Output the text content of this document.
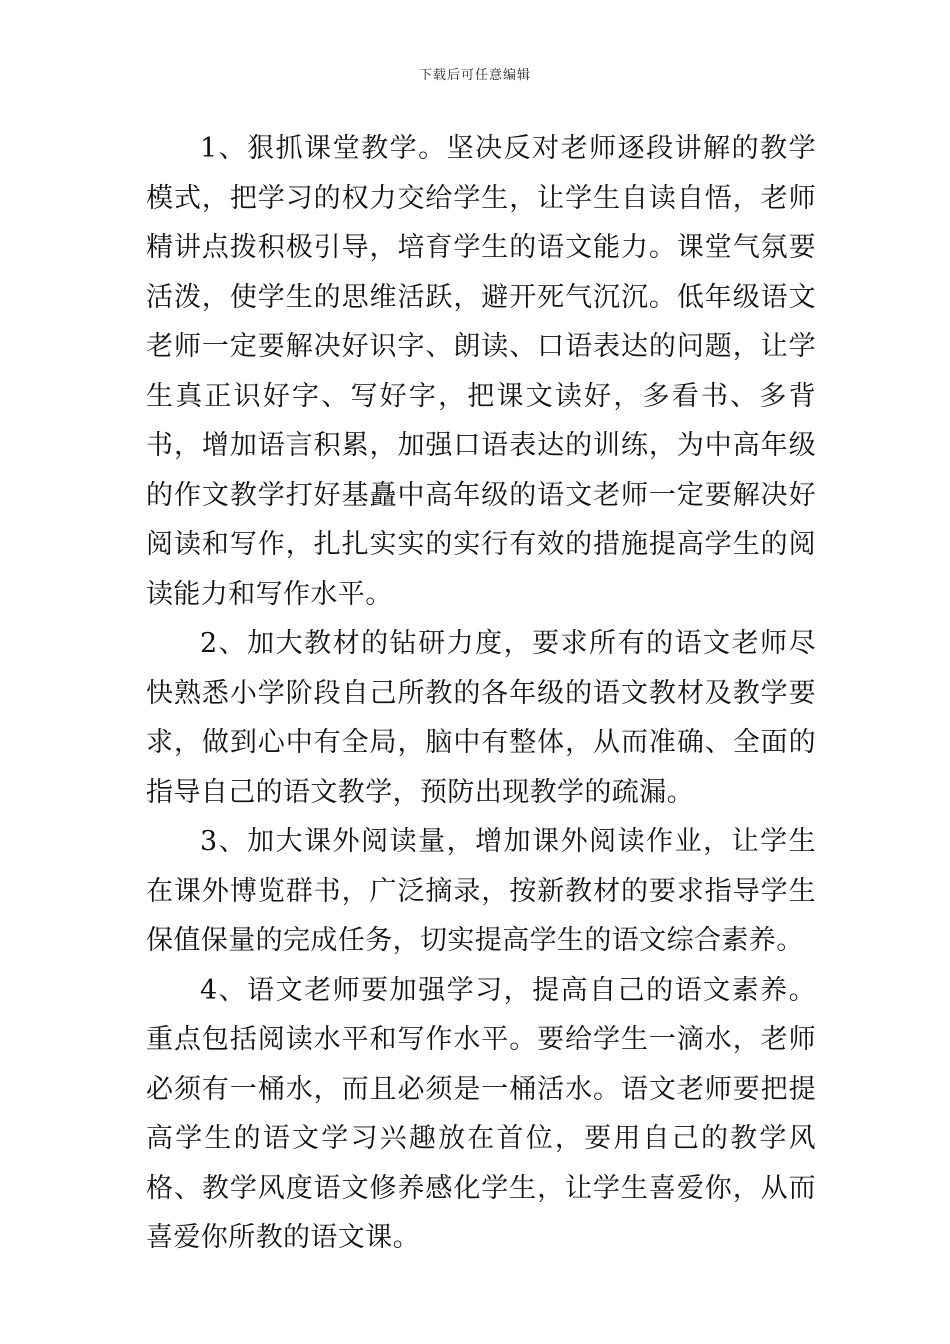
下载后可任意编辑

1、狠抓课堂教学。坚决反对老师逐段讲解的教学模式，把学习的权力交给学生，让学生自读自悟，老师精讲点拨积极引导，培育学生的语文能力。课堂气氛要活泼，使学生的思维活跃，避开死气沉沉。低年级语文老师一定要解决好识字、朗读、口语表达的问题，让学生真正识好字、写好字，把课文读好，多看书、多背书，增加语言积累，加强口语表达的训练，为中高年级的作文教学打好基矗中高年级的语文老师一定要解决好阅读和写作，扎扎实实的实行有效的措施提高学生的阅读能力和写作水平。

2、加大教材的钻研力度，要求所有的语文老师尽快熟悉小学阶段自己所教的各年级的语文教材及教学要求，做到心中有全局，脑中有整体，从而准确、全面的指导自己的语文教学，预防出现教学的疏漏。

3、加大课外阅读量，增加课外阅读作业，让学生在课外博览群书，广泛摘录，按新教材的要求指导学生保值保量的完成任务，切实提高学生的语文综合素养。

4、语文老师要加强学习，提高自己的语文素养。重点包括阅读水平和写作水平。要给学生一滴水，老师必须有一桶水，而且必须是一桶活水。语文老师要把提高学生的语文学习兴趣放在首位，要用自己的教学风格、教学风度语文修养感化学生，让学生喜爱你，从而喜爱你所教的语文课。
